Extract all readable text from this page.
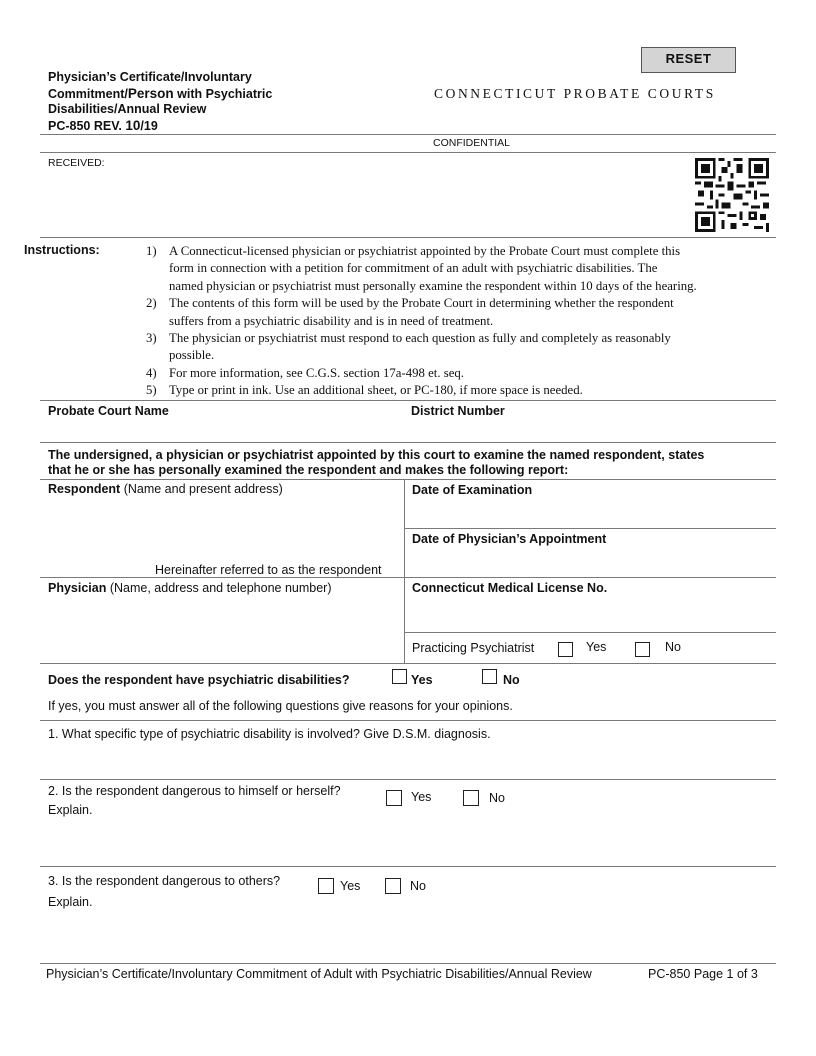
RESET
Physician’s Certificate/Involuntary
Commitment/Person with Psychiatric
Disabilities/Annual Review
PC-850 REV. 10/19
CONNECTICUT PROBATE COURTS
CONFIDENTIAL
RECEIVED:
Instructions:	1) A Connecticut-licensed physician or psychiatrist appointed by the Probate Court must complete this
form in connection with a petition for commitment of an adult with psychiatric disabilities. The
named physician or psychiatrist must personally examine the respondent within 10 days of the hearing.
2) The contents of this form will be used by the Probate Court in determining whether the respondent
suffers from a psychiatric disability and is in need of treatment.
3) The physician or psychiatrist must respond to each question as fully and completely as reasonably
possible.
4) For more information, see C.G.S. section 17a-498 et. seq.
5) Type or print in ink. Use an additional sheet, or PC-180, if more space is needed.
Probate Court Name	District Number
The undersigned, a physician or psychiatrist appointed by this court to examine the named respondent, states
that he or she has personally examined the respondent and makes the following report:
Respondent (Name and present address)
Hereinafter referred to as the respondent
Date of Examination
Date of Physician’s Appointment
Physician (Name, address and telephone number)	Connecticut Medical License No.
Practicing Psychiatrist	Yes	No
Does the respondent have psychiatric disabilities?	Yes	No
If yes, you must answer all of the following questions give reasons for your opinions.
1. What specific type of psychiatric disability is involved? Give D.S.M. diagnosis.
2. Is the respondent dangerous to himself or herself?
Explain.
Yes	No
3. Is the respondent dangerous to others?
Explain.
Yes	No
Physician’s Certificate/Involuntary Commitment of Adult with Psychiatric Disabilities/Annual Review	PC-850 Page 1 of 3
